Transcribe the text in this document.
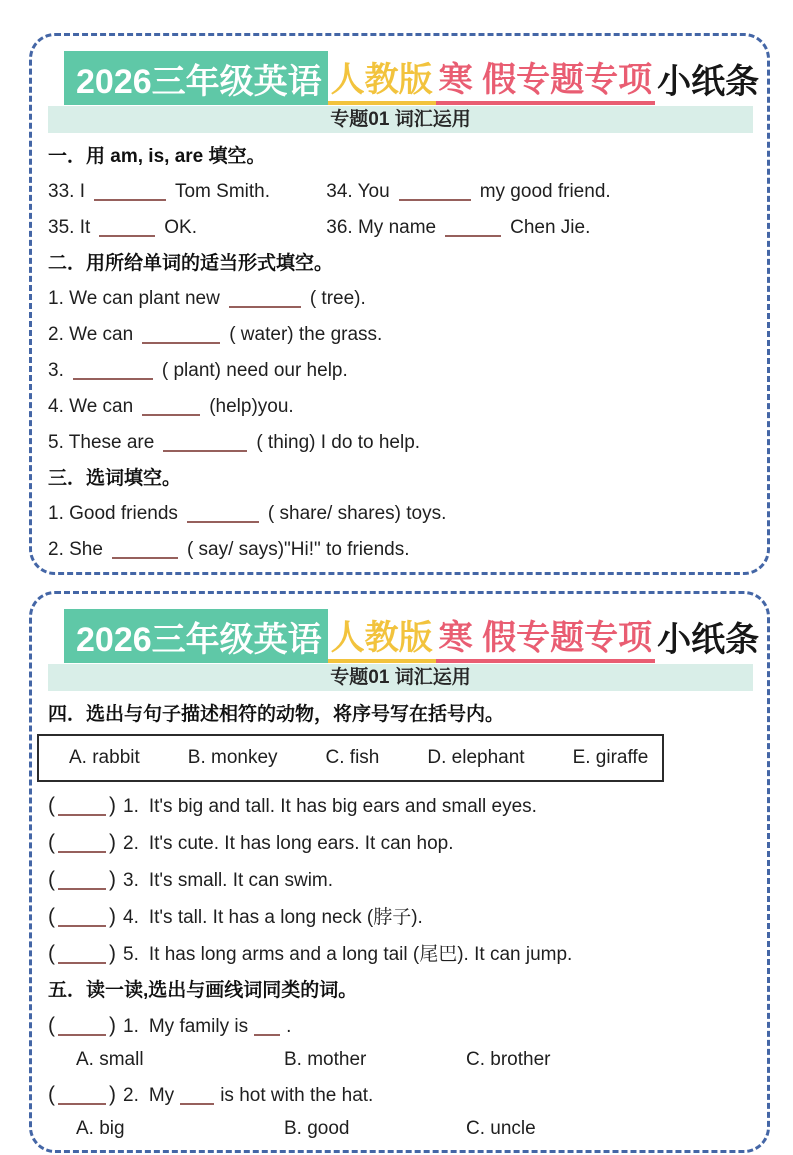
2026三年级英语 人教版 寒 假专题专项 小纸条
专题01 词汇运用
一．用 am, is, are 填空。
33. I	Tom Smith.	34. You	my good friend.
35. It	OK.	36. My name	Chen Jie.
二．用所给单词的适当形式填空。
1. We can plant new	( tree).
2. We can	( water) the grass.
3.	( plant) need our help.
4. We can	(help)you.
5. These are	( thing) I do to help.
三．选词填空。
1. Good friends	( share/ shares) toys.
2. She	( say/ says)"Hi!" to friends.
2026三年级英语 人教版 寒 假专题专项 小纸条
专题01 词汇运用
四．选出与句子描述相符的动物，将序号写在括号内。
A. rabbit	B. monkey	C. fish	D. elephant	E. giraffe
(	) 1. It's big and tall. It has big ears and small eyes.
(	) 2. It's cute. It has long ears. It can hop.
(	) 3. It's small. It can swim.
(	) 4. It's tall. It has a long neck (脖子).
(	) 5. It has long arms and a long tail (尾巴). It can jump.
五．读一读,选出与画线词同类的词。
(	) 1. My family is .
A. small	B. mother	C. brother
(	) 2. My is hot with the hat.
A. big	B. good	C. uncle
